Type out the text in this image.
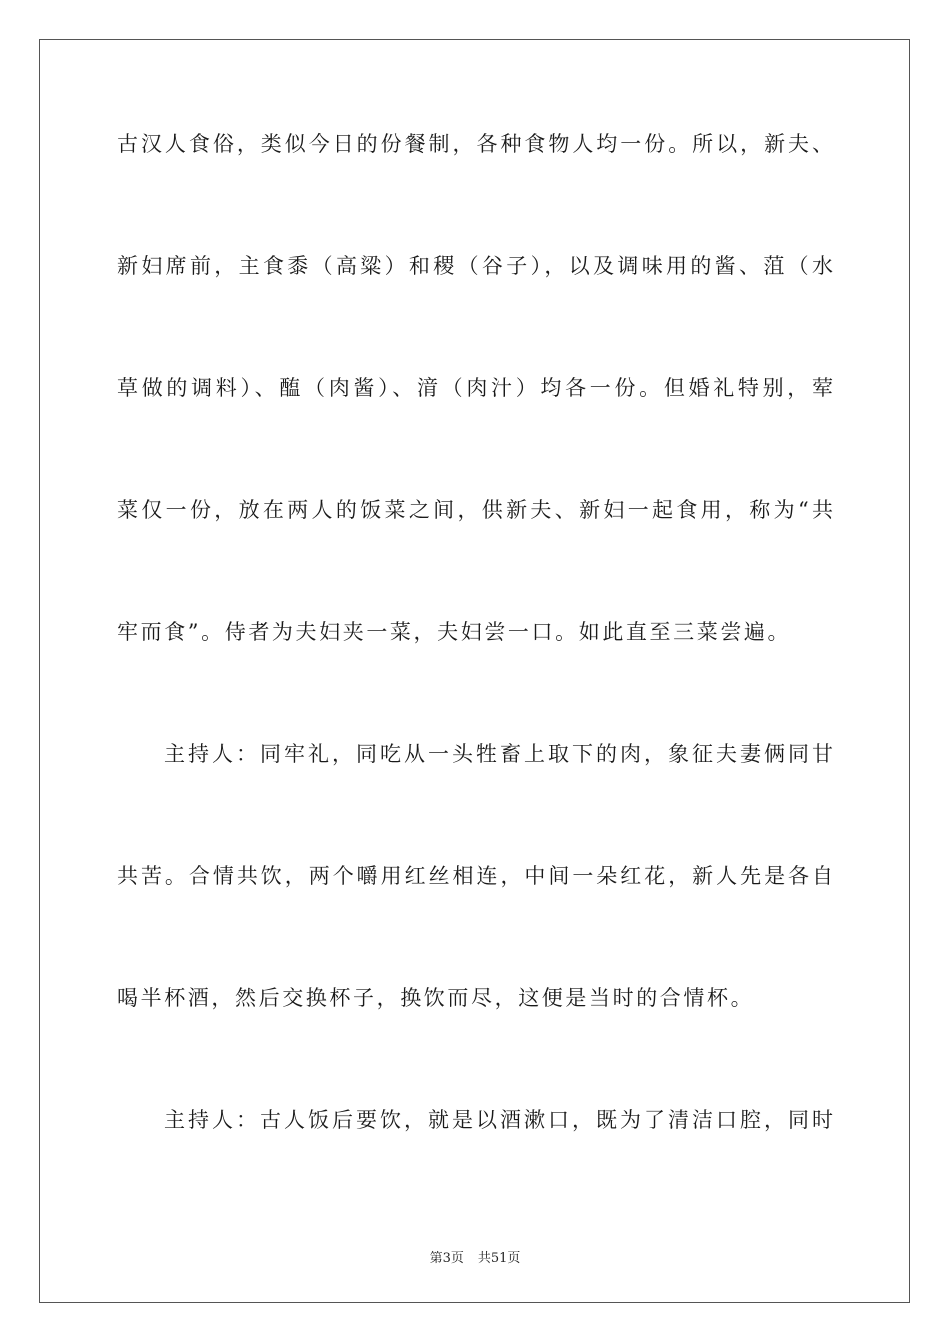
古汉人食俗，类似今日的份餐制，各种食物人均一份。所以，新夫、
新妇席前，主食黍（高粱）和稷（谷子），以及调味用的酱、菹（水
草做的调料）、醢（肉酱）、湇（肉汁）均各一份。但婚礼特别，荤
菜仅一份，放在两人的饭菜之间，供新夫、新妇一起食用，称为“共
牢而食”。侍者为夫妇夹一菜，夫妇尝一口。如此直至三菜尝遍。
主持人：同牢礼，同吃从一头牲畜上取下的肉，象征夫妻俩同甘
共苦。合情共饮，两个嚼用红丝相连，中间一朵红花，新人先是各自
喝半杯酒，然后交换杯子，换饮而尽，这便是当时的合情杯。
主持人：古人饭后要饮，就是以酒漱口，既为了清洁口腔，同时
第3页 共51页
